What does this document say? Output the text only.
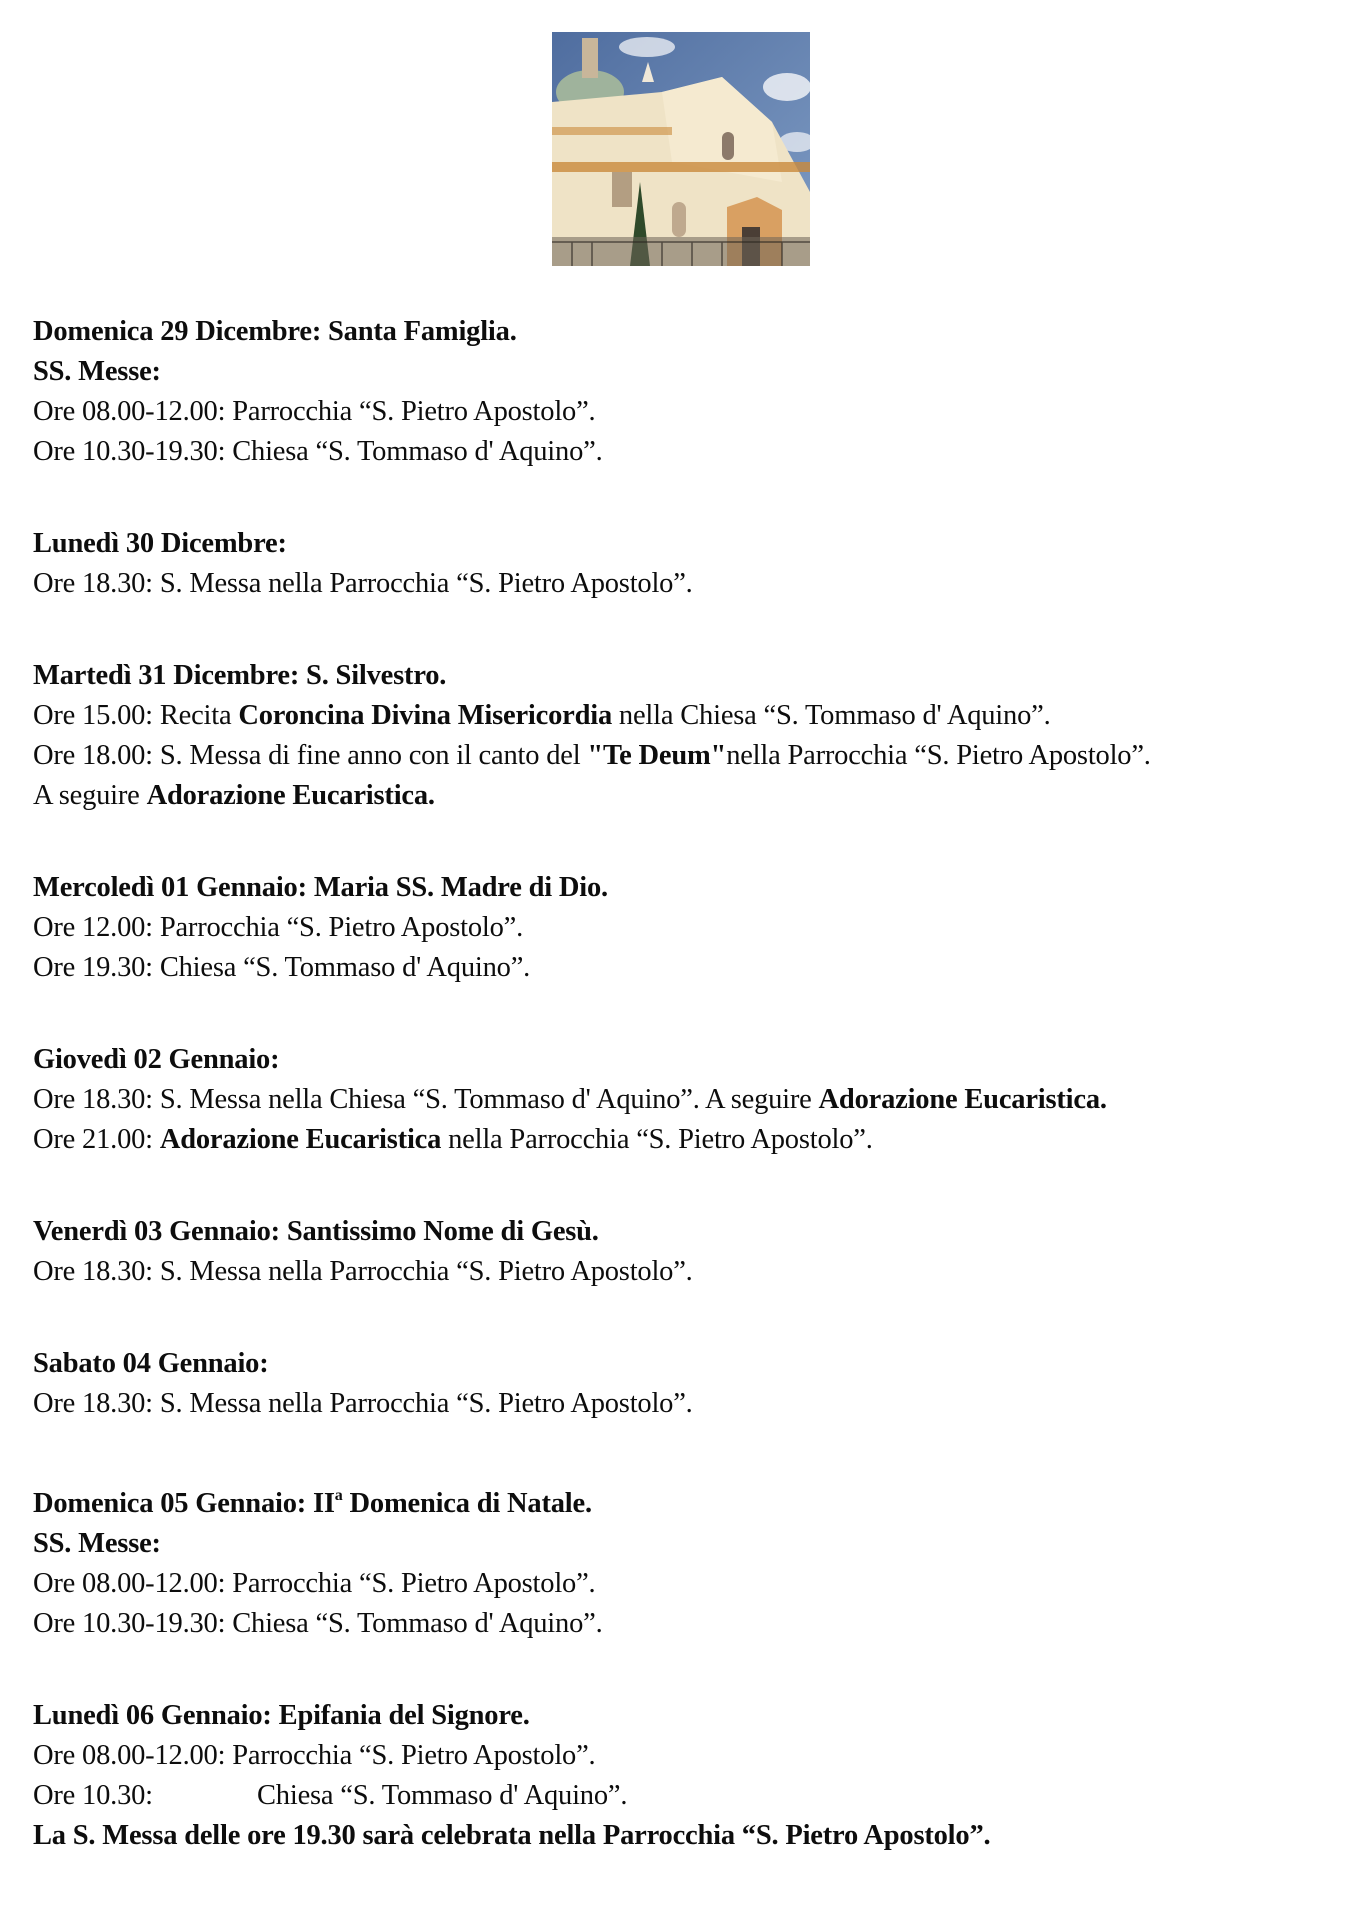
Domenica 29 Dicembre: Santa Famiglia.
SS. Messe:
Ore 08.00-12.00: Parrocchia “S. Pietro Apostolo”.
Ore 10.30-19.30: Chiesa “S. Tommaso d' Aquino”.
Lunedì 30 Dicembre:
Ore 18.30: S. Messa nella Parrocchia “S. Pietro Apostolo”.
Martedì 31 Dicembre: S. Silvestro.
Ore 15.00: Recita Coroncina Divina Misericordia nella Chiesa “S. Tommaso d' Aquino”.
Ore 18.00: S. Messa di fine anno con il canto del "Te Deum"nella Parrocchia “S. Pietro Apostolo”.
A seguire Adorazione Eucaristica.
Mercoledì 01 Gennaio: Maria SS. Madre di Dio.
Ore 12.00: Parrocchia “S. Pietro Apostolo”.
Ore 19.30: Chiesa “S. Tommaso d' Aquino”.
Giovedì 02 Gennaio:
Ore 18.30: S. Messa nella Chiesa “S. Tommaso d' Aquino”. A seguire Adorazione Eucaristica.
Ore 21.00: Adorazione Eucaristica nella Parrocchia “S. Pietro Apostolo”.
Venerdì 03 Gennaio: Santissimo Nome di Gesù.
Ore 18.30: S. Messa nella Parrocchia “S. Pietro Apostolo”.
Sabato 04 Gennaio:
Ore 18.30: S. Messa nella Parrocchia “S. Pietro Apostolo”.
Domenica 05 Gennaio: $II^a$ Domenica di Natale.
SS. Messe:
Ore 08.00-12.00: Parrocchia “S. Pietro Apostolo”.
Ore 10.30-19.30: Chiesa “S. Tommaso d' Aquino”.
Lunedì 06 Gennaio: Epifania del Signore.
Ore 08.00-12.00: Parrocchia “S. Pietro Apostolo”.
Ore 10.30:	Chiesa “S. Tommaso d' Aquino”.
La S. Messa delle ore 19.30 sarà celebrata nella Parrocchia “S. Pietro Apostolo”.
